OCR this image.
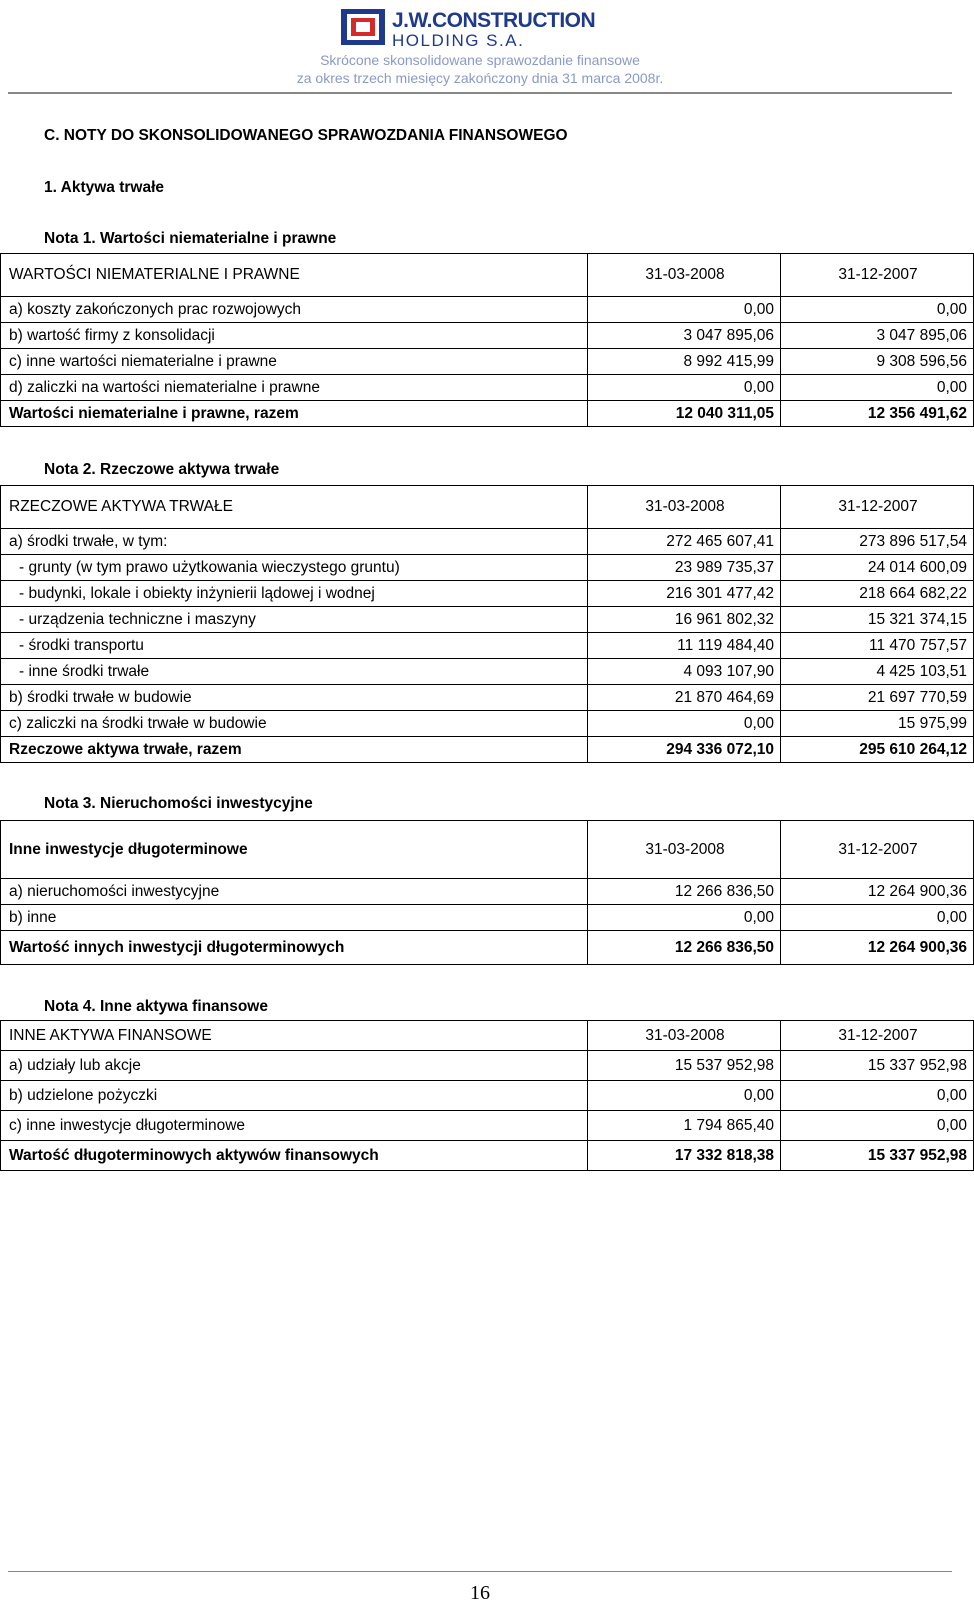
J.W.CONSTRUCTION
HOLDING S.A.
Skrócone skonsolidowane sprawozdanie finansowe
za okres trzech miesięcy zakończony dnia 31 marca 2008r.
C. NOTY DO SKONSOLIDOWANEGO SPRAWOZDANIA FINANSOWEGO
1. Aktywa trwałe
Nota 1. Wartości niematerialne i prawne
WARTOŚCI NIEMATERIALNE I PRAWNE	31-03-2008	31-12-2007
a) koszty zakończonych prac rozwojowych	0,00	0,00
b) wartość firmy z konsolidacji	3 047 895,06	3 047 895,06
c) inne wartości niematerialne i prawne	8 992 415,99	9 308 596,56
d) zaliczki na wartości niematerialne i prawne	0,00	0,00
Wartości niematerialne i prawne, razem	12 040 311,05	12 356 491,62
Nota 2. Rzeczowe aktywa trwałe
RZECZOWE AKTYWA TRWAŁE	31-03-2008	31-12-2007
a) środki trwałe, w tym:	272 465 607,41	273 896 517,54
- grunty (w tym prawo użytkowania wieczystego gruntu)	23 989 735,37	24 014 600,09
- budynki, lokale i obiekty inżynierii lądowej i wodnej	216 301 477,42	218 664 682,22
- urządzenia techniczne i maszyny	16 961 802,32	15 321 374,15
- środki transportu	11 119 484,40	11 470 757,57
- inne środki trwałe	4 093 107,90	4 425 103,51
b) środki trwałe w budowie	21 870 464,69	21 697 770,59
c) zaliczki na środki trwałe w budowie	0,00	15 975,99
Rzeczowe aktywa trwałe, razem	294 336 072,10	295 610 264,12
Nota 3. Nieruchomości inwestycyjne
Inne inwestycje długoterminowe	31-03-2008	31-12-2007
a) nieruchomości inwestycyjne	12 266 836,50	12 264 900,36
b) inne	0,00	0,00
Wartość innych inwestycji długoterminowych	12 266 836,50	12 264 900,36
Nota 4. Inne aktywa finansowe
INNE AKTYWA FINANSOWE	31-03-2008	31-12-2007
a) udziały lub akcje	15 537 952,98	15 337 952,98
b) udzielone pożyczki	0,00	0,00
c) inne inwestycje długoterminowe	1 794 865,40	0,00
Wartość długoterminowych aktywów finansowych	17 332 818,38	15 337 952,98
16
